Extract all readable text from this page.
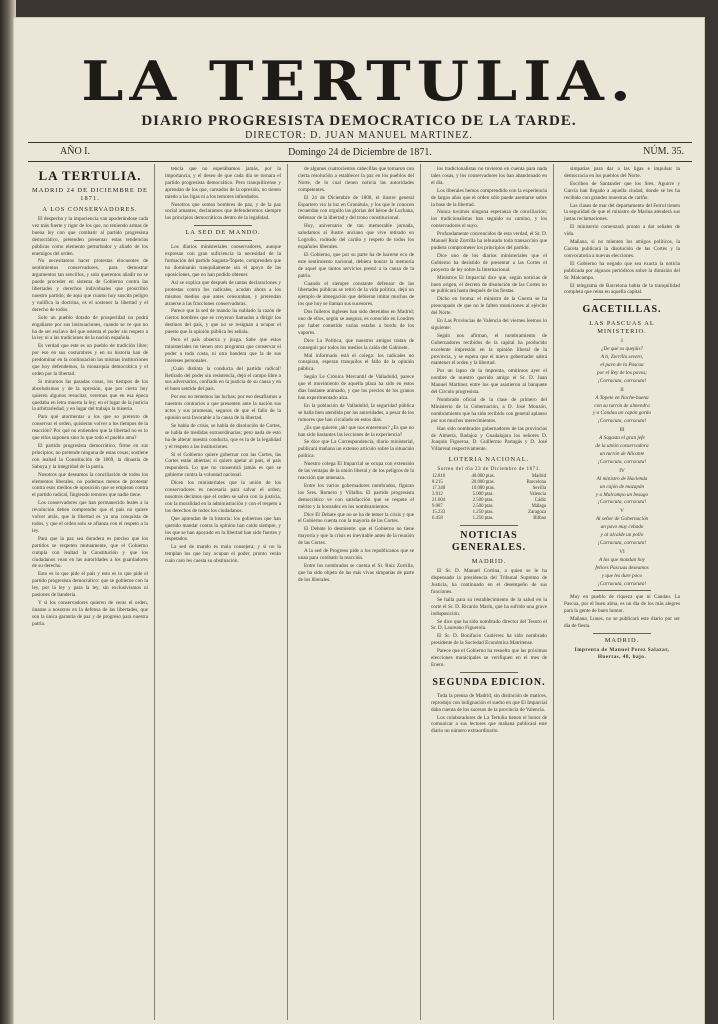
LA TERTULIA.
DIARIO PROGRESISTA DEMOCRATICO DE LA TARDE.
DIRECTOR: D. JUAN MANUEL MARTINEZ.
AÑO I.	Domingo 24 de Diciembre de 1871.	NÚM. 35.
LA TERTULIA.
MADRID 24 DE DICIEMBRE DE 1871.
A LOS CONSERVADORES.

El despecho y la impaciencia van apoderándose cada vez más fuerte y rigor de los que, no teniendo armas de buena ley con que combatir al partido progresista democrático, pretenden presentar estas tendencias públicas como elemento perturbador y aliado de los enemigos del orden.

No necesitamos hacer protestas elocuentes de sentimientos conservadores, para demostrar argumentos tan sencillos, y solo queremos añadir no se puede proceder en sistema de Gobierno contra las libertades y derechos individuales que proscribió nuestro partido; de aquí que cuanto hoy suscita peligro y nulifica la doctrina, es el sostener la libertad y el derecho de todos.

Solo un pueblo dotado de prosperidad no podrá engañarse por sus insinuaciones, cuando se ve que no ha de ser esclavo del que ostenta el poder sin respeto a la ley ni a las tradiciones de la nación española.

Es verdad que este es un pueblo de tradición libre; por eso en sus costumbres y en su historia han de predominar en la continuación las mismas instituciones que hoy defendemos, la monarquía democrática y el orden por la libertad.

Si miramos las pasadas cosas, los tiempos de los absolutismos y de la opresión, que por cierto hoy quieren algunos resucitar, veremos que en esa época quedaba en letra muerta la ley; en el lugar de la justicia la arbitrariedad, y en lugar del trabajo la miseria.

Para qué atormentar a los que so pretexto de conservar el orden, quisieran volver a los tiempos de la reacción? Por qué no entienden que la libertad no es lo que ellos suponen sino lo que todo el pueblo ama?

El partido progresista democrático, firme en sus principios, no pretende ninguna de estas cosas; sostiene con lealtad la Constitución de 1869, la dinastía de Saboya y la integridad de la patria.

Nosotros que deseamos la conciliación de todos los elementos liberales, no podemos menos de protestar contra esos medios de oposición que se emplean contra el partido radical, fingiendo temores que nadie tiene.

Los conservadores que han permanecido leales a la revolución deben comprender que el país no quiere volver atrás, que la libertad es ya una conquista de todos, y que el orden solo se afianza con el respeto a la ley.

Para que la paz sea duradera es preciso que los partidos se respeten mutuamente, que el Gobierno cumpla con lealtad la Constitución y que los ciudadanos vean en las autoridades a los guardadores de su derecho.

Esto es lo que pide el país y esto es lo que pide el partido progresista democrático: que se gobierne con la ley, por la ley y para la ley, sin exclusivismos ni pasiones de bandería.

Y si los conservadores quieren de veras el orden, únanse a nosotros en la defensa de las libertades, que son la única garantía de paz y de progreso para nuestra patria.

tencia que no esperábamos jamás, por la importancia, y el deseo de que cada día se tornara el partido progresista democrático. Pero tranquilícense y aprendan de los que, cansados de la opresión, no tienen miedo a las ligas ni a los temores infundados.

Nosotros que somos hombres de paz, y de la paz social amantes, declaramos que defenderemos siempre los principios democráticos dentro de la legalidad.

LA SED DE MANDO.

Los diarios ministeriales conservadores, aunque expresan con gran suficiencia la necesidad de la formación del partido Sagasta-Topete, comprenden que no dominarán tranquilamente sin el apoyo de las oposiciones, que no han podido obtener.

Así se explica que después de tantas declaraciones y protestas contra los radicales, acudan ahora a los mismos medios que antes censuraban, y pretendan atraerse a las fracciones conservadoras.

Parece que la sed de mando ha nublado la razón de ciertos hombres que se creyeron llamados a dirigir los destinos del país, y que no se resignan a ocupar el puesto que la opinión pública les señala.

Pero el país observa y juzga. Sabe que estos ministeriales no tienen otro programa que conservar el poder a toda costa, ni otra bandera que la de sus intereses personales.

¡Cuán distinta la conducta del partido radical! Retirado del poder sin resistencia, dejó el campo libre a sus adversarios, confiado en la justicia de su causa y en el buen sentido del país.

Por eso no tememos las luchas; por eso desafiamos a nuestros contrarios a que presenten ante la nación sus actos y sus promesas, seguros de que el fallo de la opinión será favorable a la causa de la libertad.

Se habla de crisis, se habla de disolución de Cortes, se habla de medidas extraordinarias; pero nada de esto ha de alterar nuestra conducta, que es la de la legalidad y el respeto a las instituciones.

Si el Gobierno quiere gobernar con las Cortes, las Cortes están abiertas; si quiere apelar al país, el país responderá. Lo que no consentirá jamás es que se gobierne contra la voluntad nacional.

Dicen los ministeriales que la unión de los conservadores es necesaria para salvar el orden; nosotros decimos que el orden se salva con la justicia, con la moralidad en la administración y con el respeto a los derechos de todos los ciudadanos.

Que aprendan de la historia: los gobiernos que han querido mandar contra la opinión han caído siempre, y los que se han apoyado en la libertad han sido fuertes y respetados.

La sed de mando es mala consejera; y si no la templan los que hoy ocupan el poder, pronto verán cuán caro les cuesta su obstinación.

de algunos cuatrocientos cabecillas que tornaron con cierta resolución a establecer la paz en los pueblos del Norte, de lo cual tienen noticia las autoridades competentes.

El 24 de Diciembre de 1808, el ilustre general Espartero vio la luz en Granátula, y los que le conocen recuerdan con orgullo las glorias del héroe de Luchana, defensor de la libertad y del trono constitucional.

Hoy, aniversario de tan memorable jornada, saludamos al ilustre anciano que vive retirado en Logroño, rodeado del cariño y respeto de todos los españoles liberales.

El Gobierno, que por su parte ha de hacerse eco de este sentimiento nacional, debiera honrar la memoria de aquel que tantos servicios prestó a la causa de la patria.

Cuando el siempre constante defensor de las libertades públicas se retiró de la vida política, dejó un ejemplo de abnegación que debieran imitar muchos de los que hoy se llaman sus sucesores.

Dos fulleros ingleses han sido detenidos en Madrid; uno de ellos, según se asegura, es conocido en Londres por haber cometido varias estafas a bordo de los vapores.

Dice La Política, que nuestros amigos tratan de conseguir por todos los medios la caída del Gabinete.

Mal informado está el colega: los radicales no conspiran, esperan tranquilos el fallo de la opinión pública.

Según Le Crónica Mercantil de Valladolid, parece que el movimiento de aquella plaza ha sido en estos días bastante animado, y que los precios de los granos han experimentado alza.

En la población de Valladolid, la seguridad pública se halla bien atendida por las autoridades, a pesar de los rumores que han circulado en estos días.

¿Es que quieren ¡ah! que nos enteremos? ¿Es que no han sido bastantes las lecciones de la experiencia?

Se dice que La Correspondencia, diario ministerial, publicará mañana un extenso artículo sobre la situación política.

Nuestro colega El Imparcial se ocupa con extensión de las ventajas de la unión liberal y de los peligros de la reacción que amenaza.

Entre los varios gobernadores nombrados, figuran los Sres. Romero y Villalba. El partido progresista democrático ve con satisfacción que se respete el mérito y la honradez en los nombramientos.

Dice El Debate que no se ha de temer la crisis y que el Gobierno cuenta con la mayoría de las Cortes.

El Debate lo desmiente: que el Gobierno no tiene mayoría y que la crisis es inevitable antes de la reunión de las Cortes.

A la sed de Progreso pide a los republicanos que se unan para combatir la reacción.

Entre los nombrados se cuenta el Sr. Ruiz Zorrilla, que ha sido objeto de las más vivas simpatías de parte de los liberales.

los tradicionalistas no tuvieron en cuenta para nada tales cosas, y los conservadores los han abandonado en el día.

Los liberales hemos comprendido con la experiencia de largos años que el orden sólo puede asentarse sobre la base de la libertad.

Nunca tuvimos ninguna esperanza de conciliación; los tradicionalistas han seguido su camino, y los conservadores el suyo.

Profundamente convencidos de esta verdad, el Sr. D. Manuel Ruiz Zorrilla ha rehusado toda transacción que pudiera comprometer los principios del partido.

Dice uno de los diarios ministeriales que el Gobierno ha desistido de presentar a las Cortes el proyecto de ley sobre la Internacional.

Ministros El Imparcial dice que, según noticias de buen origen, el decreto de disolución de las Cortes no se publicará hasta después de las fiestas.

Dicho en broma: el ministro de la Guerra se ha preocupado de que no le falten municiones al ejército del Norte.

En Las Provincias de Valencia del viernes leemos lo siguiente:

Según nos afirman, el nombramiento de Gobernadores recibidos de la capital ha producido excelente impresión en la opinión liberal de la provincia, y se espera que el nuevo gobernador sabrá mantener el orden y la libertad.

Por un lapso de la imprenta, omitimos ayer el nombre de nuestro querido amigo el Sr. D. Juan Manuel Martínez entre los que asistieron al banquete del Círculo progresista.

Nombrado oficial de la clase de primero del Ministerio de la Gobernación, a D. José Monzón, nombramiento que ha sido recibido con general aplauso por sus muchos merecimientos.

Han sido nombrados gobernadores de las provincias de Almería, Badajoz y Guadalajara los señores D. Joaquín Figueroa, D. Guillermo Partagás y D. José Villarreal respectivamente.

LOTERIA NACIONAL.

Sorteo del día 23 de Diciembre de 1871.

12.816	40.000 ptas.	Madrid
8.215	20.000 ptas.	Barcelona
17.340	10.000 ptas.	Sevilla
3.912	5.000 ptas.	Valencia
21.604	2.500 ptas.	Cádiz
9.087	2.500 ptas.	Málaga
15.233	1.250 ptas.	Zaragoza
6.458	1.250 ptas.	Bilbao
NOTICIAS GENERALES.
MADRID.

El Sr. D. Manuel Cortina, a quien se le ha dispensado la presidencia del Tribunal Supremo de Justicia, ha continuado en el desempeño de sus funciones.

Se halla para su restablecimiento de la salud en la corte el Sr. D. Ricardo Marín, que ha sufrido una grave indisposición.

Se dice que ha sido nombrado director del Tesoro el Sr. D. Laureano Figuerola.

El Sr. D. Bonifacio Gutiérrez ha sido nombrado presidente de la Sociedad Económica Matritense.

Parece que el Gobierno ha resuelto que las próximas elecciones municipales se verifiquen en el mes de Enero.

SEGUNDA EDICION.

Toda la prensa de Madrid, sin distinción de matices, reprodujo con indignación el suelto en que El Imparcial daba cuenta de los sucesos de la provincia de Valencia.

Los colaboradores de La Tertulia tienen el honor de comunicar a sus lectores que mañana publicará este diario un número extraordinario.

simpatías para dar a las ligas e impulsar la democracia en los pueblos del Norte.

Escriben de Santander que los Sres. Aguirre y García han llegado a aquella ciudad, donde se les ha recibido con grandes muestras de cariño.

Las clases de mar del departamento del Ferrol tienen la seguridad de que el ministro de Marina atenderá sus justas reclamaciones.

El ministerio comenzará pronto a dar señales de vida.

Mañana, si no mienten los amigos políticos, la Gaceta publicará la disolución de las Cortes y la convocatoria a nuevas elecciones.

El Gobierno ha negado que sea exacta la noticia publicada por algunos periódicos sobre la dimisión del Sr. Malcampo.

El telegrama de Barcelona habla de la tranquilidad completa que reina en aquella capital.

GACETILLAS.
LAS PASCUAS AL MINISTERIO.

I

¿De qué os quejáis?

A ti, Zorrilla severo,

el pavo de la Pascua

por el Rey de los pavos;

¡Carracuta, carracuta!

II

A Topete en Noche-buena

con su turrón de almendra

y a Candau un capón gordo

¡Carracuta, carracuta!

III

A Sagasta el gran jefe

de la unión conservadora

un turrón de Alicante

¡Carracuta, carracuta!

IV

Al ministro de Hacienda

un cajón de mazapán

y a Malcampo un besugo

¡Carracuta, carracuta!

V

Al señor de Gobernación

un pavo muy cebado

y al alcalde un pollo

¡Carracuta, carracuta!

VI

A los que mandan hoy

felices Pascuas deseamos

y que les dure poco

¡Carracuta, carracuta!

Muy en pueblo de riqueza que ni Candau. La Pascua, por el buen alma, es un día de los más alegres para la gente de buen humor.

Mañana, Lunes, no se publicará este diario por ser día de fiesta.

MADRID.

Imprenta de Manuel Perez Salazar, Huertas, 48, bajo.
